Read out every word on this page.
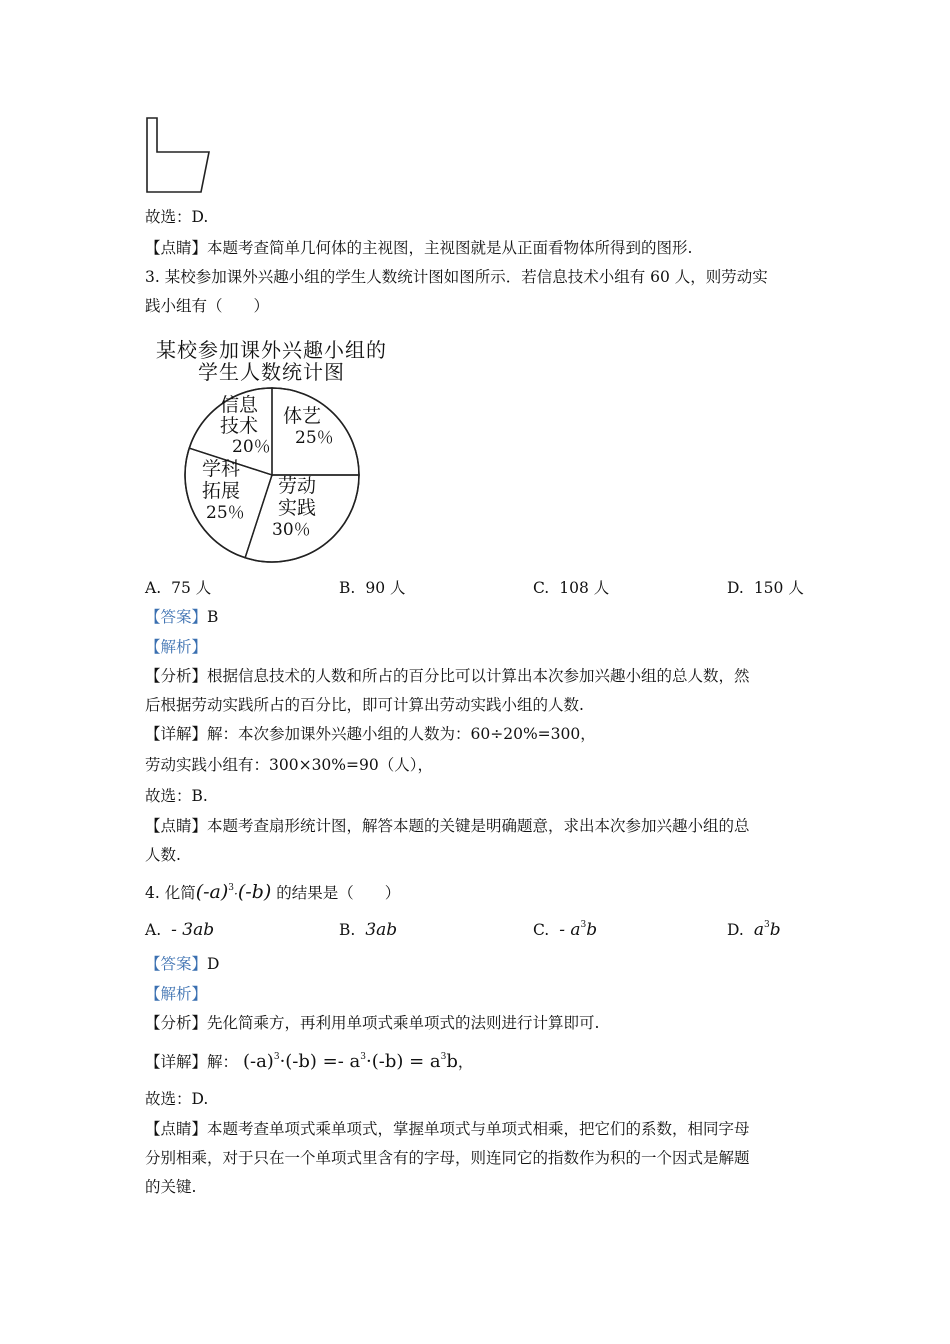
故选：D.
【点睛】本题考查简单几何体的主视图，主视图就是从正面看物体所得到的图形.
3. 某校参加课外兴趣小组的学生人数统计图如图所示．若信息技术小组有 60 人，则劳动实
践小组有（　　）
某校参加课外兴趣小组的
学生人数统计图
体艺
25％
信息
技术
20％
学科
拓展
25％
劳动
实践
30％
A. 75 人	B. 90 人	C. 108 人	D. 150 人
【答案】B
【解析】
【分析】根据信息技术的人数和所占的百分比可以计算出本次参加兴趣小组的总人数，然
后根据劳动实践所占的百分比，即可计算出劳动实践小组的人数.
【详解】解：本次参加课外兴趣小组的人数为：60÷20%=300，
劳动实践小组有：300×30%=90（人），
故选：B.
【点睛】本题考查扇形统计图，解答本题的关键是明确题意，求出本次参加兴趣小组的总
人数.
4. 化简$(-a)^3\cdot(-b)$ 的结果是（　　）
A. - 3ab	B. 3ab	C. - $a^3b$	D. $a^3b$
【答案】D
【解析】
【分析】先化简乘方，再利用单项式乘单项式的法则进行计算即可.
【详解】解： $(-a)^3\cdot(-b) =- a^3\cdot(-b) = a^3b$，
故选：D.
【点睛】本题考查单项式乘单项式，掌握单项式与单项式相乘，把它们的系数，相同字母
分别相乘，对于只在一个单项式里含有的字母，则连同它的指数作为积的一个因式是解题
的关键.
